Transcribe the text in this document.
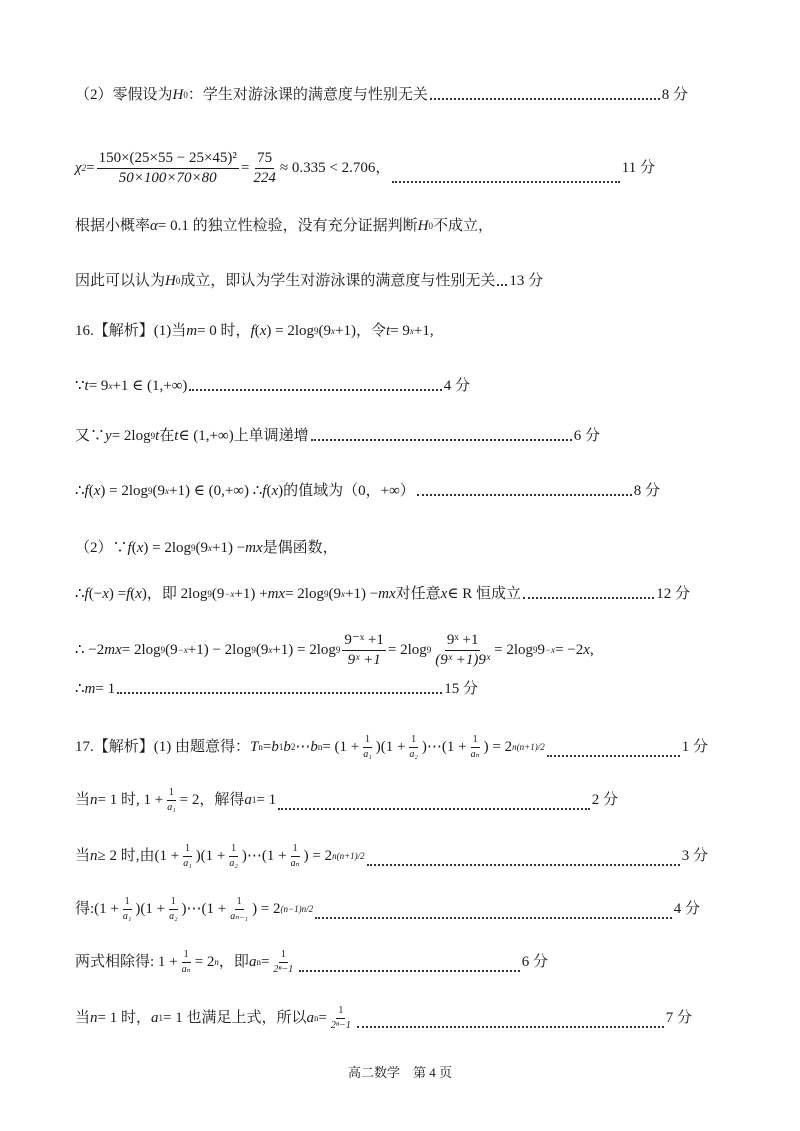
（2）零假设为 H 0 ：学生对游泳课的满意度与性别无关	8 分
χ $2 = \frac{\text{150×(25×55 − 25×45)²}}{50\times 100\times 70\times 80} = \frac{75}{224} \approx 0.335 < 2.706$，	11 分
根据小概率 α = 0.1 的独立性检验，没有充分证据判断 H 0 不成立，
因此可以认为 H 0 成立，即认为学生对游泳课的满意度与性别无关 13 分
16.【解析】(1)当 m = 0 时， f ( x ) = 2log 9 (9 x +1)，令 t = 9 x +1,
∵ t = 9 x +1 ∈ (1,+∞)	4 分
又∵ y = 2log 9 t 在 t ∈ (1,+∞)上单调递增	6 分
∴ f ( x ) = 2log 9 (9 x +1) ∈ (0,+∞) ∴ f ( x )的值域为（0，+∞）	8 分
（2）∵ f ( x ) = 2log 9 (9 x +1) − mx 是偶函数，
∴ f (− x ) = f ( x )，即 2log 9 (9 −x +1) + mx = 2log 9 (9 x +1) − mx 对任意 x ∈ R 恒成立	12 分
∴ −2 mx = 2log 9 (9 −x +1) − 2log 9 (9 x +1) = 2log $9 \frac{\text{9⁻ˣ +1}}{\text{9ˣ +1}} = 2\log$ $9 \frac{\text{9ˣ +1}}{\text{(9ˣ +1)9ˣ}} = 2\log$ 9 9 −x = −2 x ,
∴ m = 1	15 分
17.【解析】(1) 由题意得： T n = b 1 b 2 ⋯ b $n = (1 + \frac{1}{\text{a₁}} )(1 + \frac{1}{\text{a₂}}$ )⋯(1 + $\frac{1}{\text{aₙ}}$ ) = 2 n(n+1)/2	1 分
当 n = 1 时, $1 + \frac{1}{\text{a₁}} = 2$，解得 a 1 = 1	2 分
当 n ≥ 2 时,由$(1 + \frac{1}{\text{a₁}} )(1 + \frac{1}{\text{a₂}}$ )⋯(1 + $\frac{1}{\text{aₙ}}$ ) = 2 n(n+1)/2	3 分
得:(1 + $\frac{1}{\text{a₁}} )(1 + \frac{1}{\text{a₂}}$ )⋯(1 + $\frac{1}{\text{aₙ₋₁}}$ ) = 2 (n−1)n/2	4 分
两式相除得: $1 + \frac{1}{\text{aₙ}} = 2$ n ，即 a $n = \frac{1}{\text{2ⁿ−1}}$	6 分
当 n = 1 时， a 1 = 1 也满足上式，所以 a $n = \frac{1}{\text{2ⁿ−1}}$	7 分
高二数学　第 4 页
